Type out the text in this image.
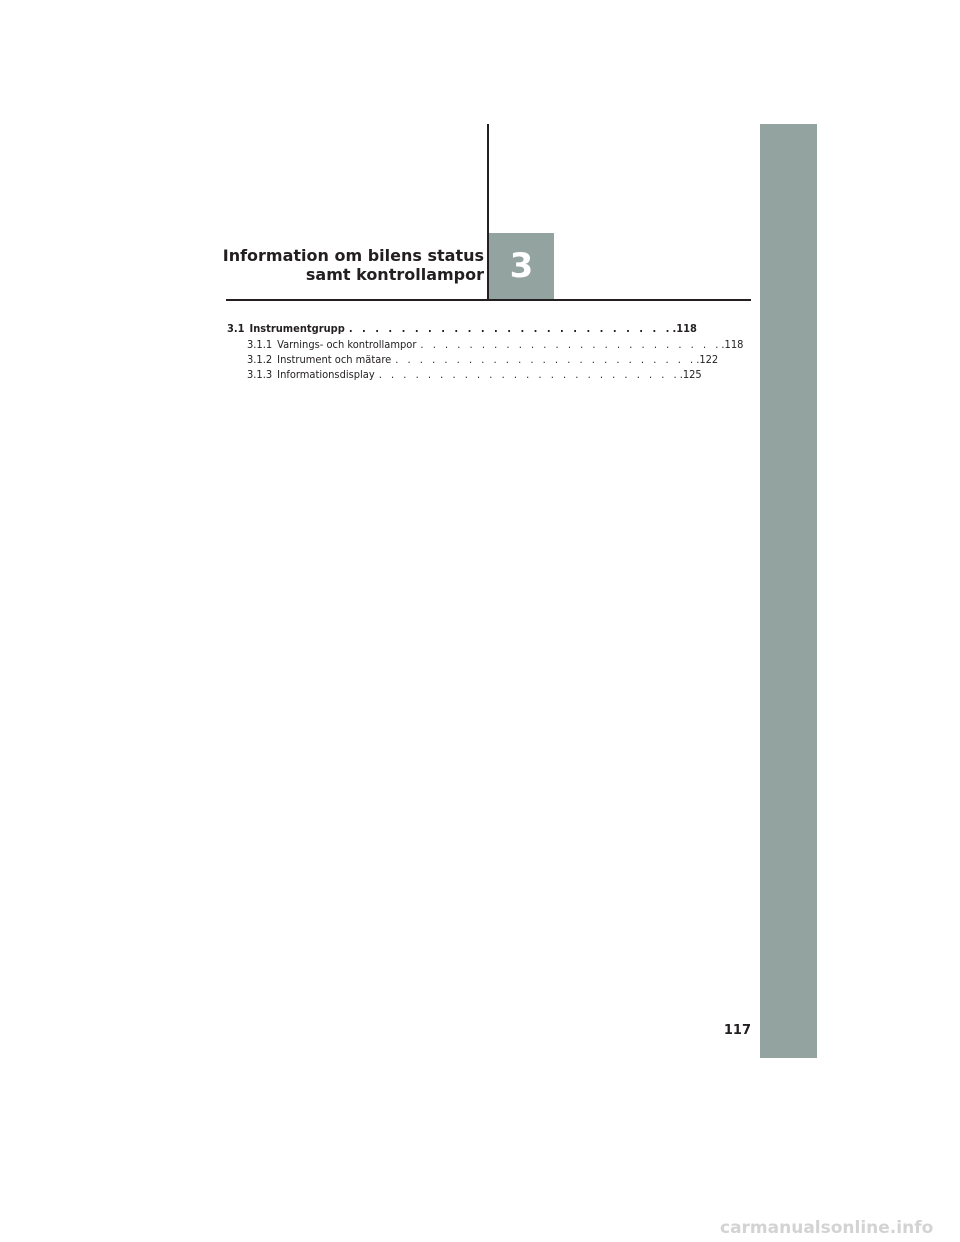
3
Information om bilens status
samt kontrollampor
3.1 Instrumentgrupp . . . . . . . . . . . . . . . . . . . . . . . . . .118
3.1.1 Varnings- och kontrollampor . . . . . . . . . . . . . . . . . . . . . . . . . .118
3.1.2 Instrument och mätare . . . . . . . . . . . . . . . . . . . . . . . . . .122
3.1.3 Informationsdisplay . . . . . . . . . . . . . . . . . . . . . . . . . .125
117
carmanualsonline.info
